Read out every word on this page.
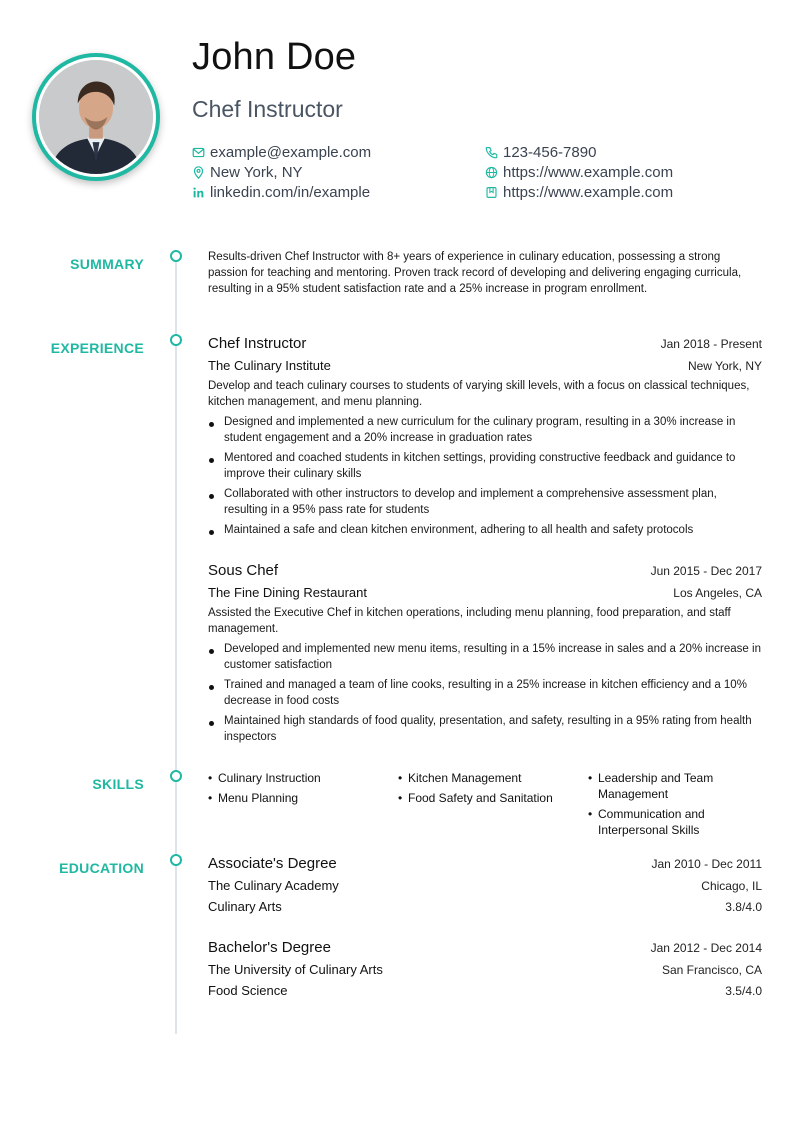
John Doe
Chef Instructor
example@example.com
New York, NY
linkedin.com/in/example
123-456-7890
https://www.example.com
https://www.example.com
SUMMARY	Results-driven Chef Instructor with 8+ years of experience in culinary education, possessing a strong passion for teaching and mentoring. Proven track record of developing and delivering engaging curricula, resulting in a 95% student satisfaction rate and a 25% increase in program enrollment.
EXPERIENCE	Chef Instructor	Jan 2018 - Present
The Culinary Institute	New York, NY
Develop and teach culinary courses to students of varying skill levels, with a focus on classical techniques, kitchen management, and menu planning.
Designed and implemented a new curriculum for the culinary program, resulting in a 30% increase in student engagement and a 20% increase in graduation rates
Mentored and coached students in kitchen settings, providing constructive feedback and guidance to improve their culinary skills
Collaborated with other instructors to develop and implement a comprehensive assessment plan, resulting in a 95% pass rate for students
Maintained a safe and clean kitchen environment, adhering to all health and safety protocols
Sous Chef	Jun 2015 - Dec 2017
The Fine Dining Restaurant	Los Angeles, CA
Assisted the Executive Chef in kitchen operations, including menu planning, food preparation, and staff management.
Developed and implemented new menu items, resulting in a 15% increase in sales and a 20% increase in customer satisfaction
Trained and managed a team of line cooks, resulting in a 25% increase in kitchen efficiency and a 10% decrease in food costs
Maintained high standards of food quality, presentation, and safety, resulting in a 95% rating from health inspectors
SKILLS	• Culinary Instruction	• Kitchen Management	• Leadership and Team Management
• Menu Planning	• Food Safety and Sanitation
• Communication and Interpersonal Skills
EDUCATION	Associate's Degree	Jan 2010 - Dec 2011
The Culinary Academy	Chicago, IL
Culinary Arts	3.8/4.0
Bachelor's Degree	Jan 2012 - Dec 2014
The University of Culinary Arts	San Francisco, CA
Food Science	3.5/4.0
